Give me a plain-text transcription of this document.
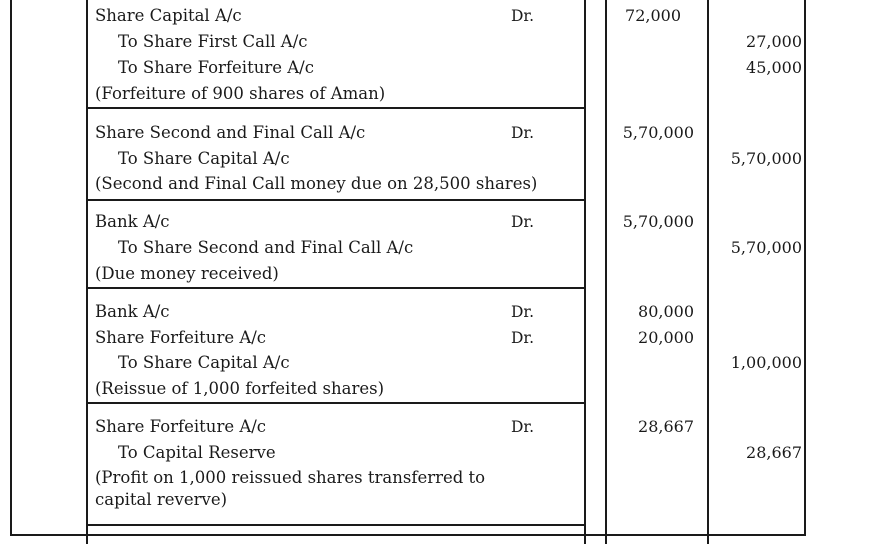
Share Capital A/c	Dr.	72,000
To Share First Call A/c	27,000
To Share Forfeiture A/c	45,000
(Forfeiture of 900 shares of Aman)
Share Second and Final Call A/c	Dr.	5,70,000
To Share Capital A/c	5,70,000
(Second and Final Call money due on 28,500 shares)
Bank A/c	Dr.	5,70,000
To Share Second and Final Call A/c	5,70,000
(Due money received)
Bank A/c	Dr.	80,000
Share Forfeiture A/c	Dr.	20,000
To Share Capital A/c	1,00,000
(Reissue of 1,000 forfeited shares)
Share Forfeiture A/c	Dr.	28,667
To Capital Reserve	28,667
(Profit on 1,000 reissued shares transferred to
capital reverve)
